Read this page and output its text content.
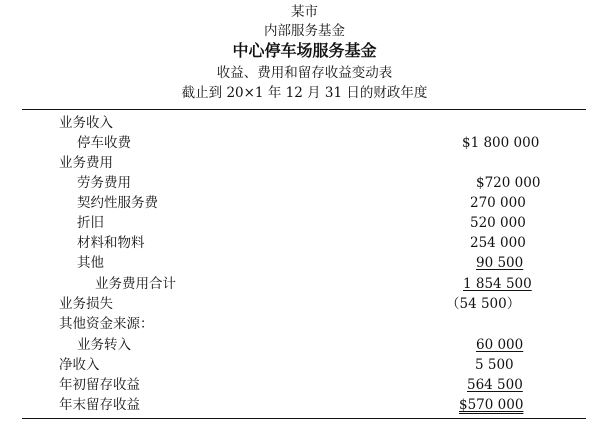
某市
内部服务基金
中心停车场服务基金
收益、费用和留存收益变动表
截止到 20×1 年 12 月 31 日的财政年度
业务收入
停车收费	$1 800 000
业务费用
劳务费用	$720 000
契约性服务费	270 000
折旧	520 000
材料和物料	254 000
其他	90 500
业务费用合计	1 854 500
业务损失	（54 500）
其他资金来源：
业务转入	60 000
净收入	5 500
年初留存收益	564 500
年末留存收益	$570 000
